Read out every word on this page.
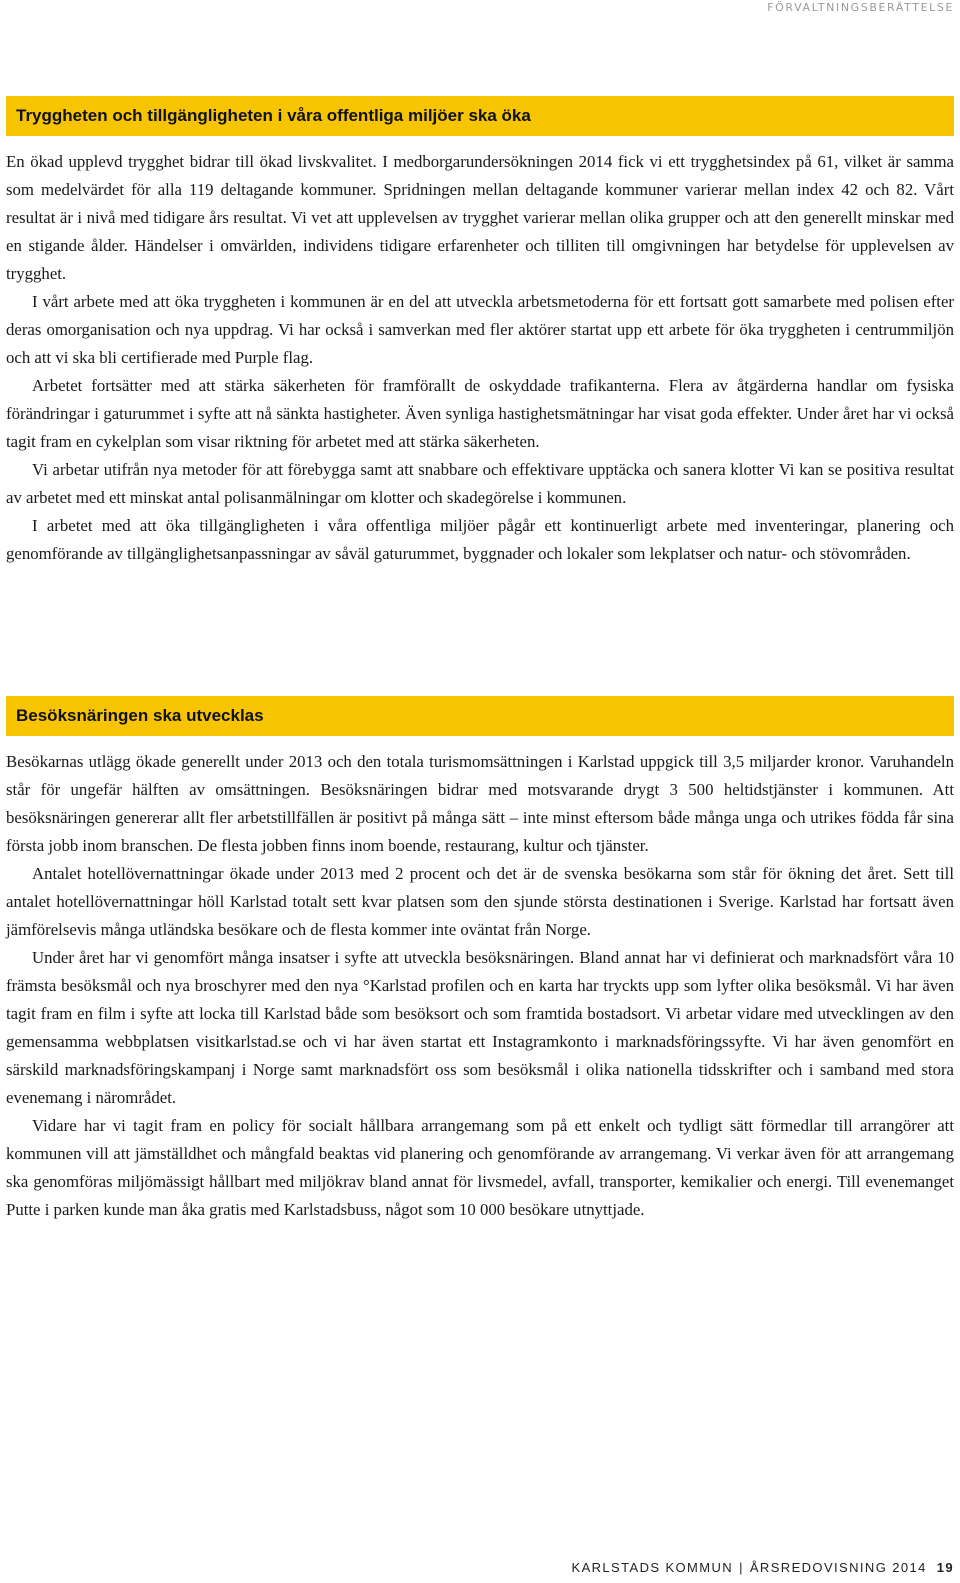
FÖRVALTNINGSBERÄTTELSE
Tryggheten och tillgängligheten i våra offentliga miljöer ska öka

En ökad upplevd trygghet bidrar till ökad livskvalitet. I medborgarundersökningen 2014 fick vi ett trygghetsindex på 61, vilket är samma som medelvärdet för alla 119 deltagande kommuner. Spridningen mellan deltagande kommuner varierar mellan index 42 och 82. Vårt resultat är i nivå med tidigare års resultat. Vi vet att upplevelsen av trygghet varierar mellan olika grupper och att den generellt minskar med en stigande ålder. Händelser i omvärlden, individens tidigare erfarenheter och tilliten till omgivningen har betydelse för upplevelsen av trygghet.

I vårt arbete med att öka tryggheten i kommunen är en del att utveckla arbetsmetoderna för ett fortsatt gott samarbete med polisen efter deras omorganisation och nya uppdrag. Vi har också i samverkan med fler aktörer startat upp ett arbete för öka tryggheten i centrummiljön och att vi ska bli certifierade med Purple flag.

Arbetet fortsätter med att stärka säkerheten för framförallt de oskyddade trafikanterna. Flera av åtgärderna handlar om fysiska förändringar i gaturummet i syfte att nå sänkta hastigheter. Även synliga hastighetsmätningar har visat goda effekter. Under året har vi också tagit fram en cykelplan som visar riktning för arbetet med att stärka säkerheten.

Vi arbetar utifrån nya metoder för att förebygga samt att snabbare och effektivare upptäcka och sanera klotter Vi kan se positiva resultat av arbetet med ett minskat antal polisanmälningar om klotter och skadegörelse i kommunen.

I arbetet med att öka tillgängligheten i våra offentliga miljöer pågår ett kontinuerligt arbete med inventeringar, planering och genomförande av tillgänglighetsanpassningar av såväl gaturummet, byggnader och lokaler som lekplatser och natur- och stövområden.

Besöksnäringen ska utvecklas

Besökarnas utlägg ökade generellt under 2013 och den totala turismomsättningen i Karlstad uppgick till 3,5 miljarder kronor. Varuhandeln står för ungefär hälften av omsättningen. Besöksnäringen bidrar med motsvarande drygt 3 500 heltidstjänster i kommunen. Att besöksnäringen genererar allt fler arbetstillfällen är positivt på många sätt – inte minst eftersom både många unga och utrikes födda får sina första jobb inom branschen. De flesta jobben finns inom boende, restaurang, kultur och tjänster.

Antalet hotellövernattningar ökade under 2013 med 2 procent och det är de svenska besökarna som står för ökning det året. Sett till antalet hotellövernattningar höll Karlstad totalt sett kvar platsen som den sjunde största destinationen i Sverige. Karlstad har fortsatt även jämförelsevis många utländska besökare och de flesta kommer inte oväntat från Norge.

Under året har vi genomfört många insatser i syfte att utveckla besöksnäringen. Bland annat har vi definierat och marknadsfört våra 10 främsta besöksmål och nya broschyrer med den nya °Karlstad profilen och en karta har tryckts upp som lyfter olika besöksmål. Vi har även tagit fram en film i syfte att locka till Karlstad både som besöksort och som framtida bostadsort. Vi arbetar vidare med utvecklingen av den gemensamma webbplatsen visitkarlstad.se och vi har även startat ett Instagramkonto i marknadsföringssyfte. Vi har även genomfört en särskild marknadsföringskampanj i Norge samt marknadsfört oss som besöksmål i olika nationella tidsskrifter och i samband med stora evenemang i närområdet.

Vidare har vi tagit fram en policy för socialt hållbara arrangemang som på ett enkelt och tydligt sätt förmedlar till arrangörer att kommunen vill att jämställdhet och mångfald beaktas vid planering och genomförande av arrangemang. Vi verkar även för att arrangemang ska genomföras miljömässigt hållbart med miljökrav bland annat för livsmedel, avfall, transporter, kemikalier och energi. Till evenemanget Putte i parken kunde man åka gratis med Karlstadsbuss, något som 10 000 besökare utnyttjade.

KARLSTADS KOMMUN | ÅRSREDOVISNING 2014 19
